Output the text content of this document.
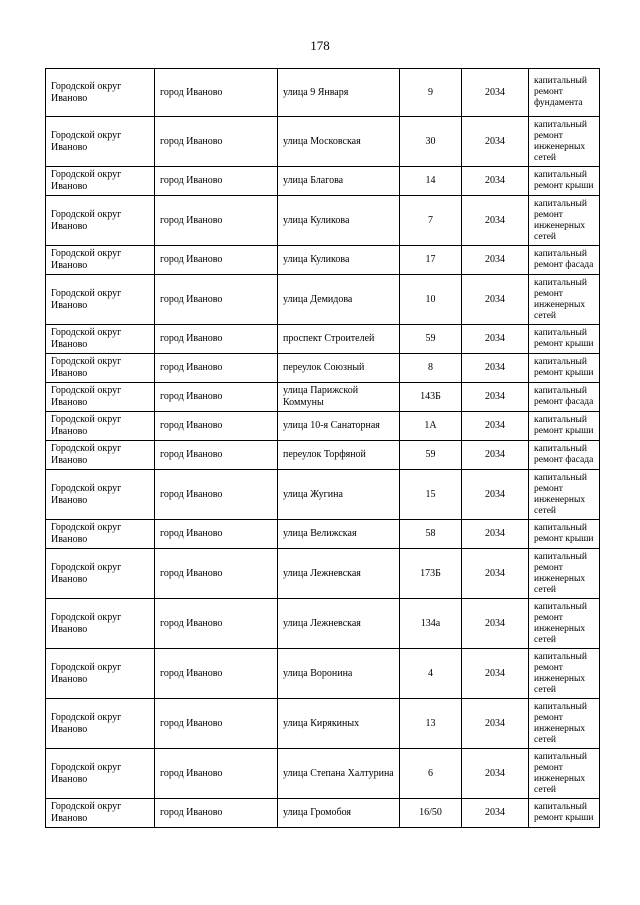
178
Городской округ Иваново	город Иваново	улица 9 Января	9	2034	капитальный ремонт фундамента
Городской округ Иваново	город Иваново	улица Московская	30	2034	капитальный ремонт инженерных сетей
Городской округ Иваново	город Иваново	улица Благова	14	2034	капитальный ремонт крыши
Городской округ Иваново	город Иваново	улица Куликова	7	2034	капитальный ремонт инженерных сетей
Городской округ Иваново	город Иваново	улица Куликова	17	2034	капитальный ремонт фасада
Городской округ Иваново	город Иваново	улица Демидова	10	2034	капитальный ремонт инженерных сетей
Городской округ Иваново	город Иваново	проспект Строителей	59	2034	капитальный ремонт крыши
Городской округ Иваново	город Иваново	переулок Союзный	8	2034	капитальный ремонт крыши
Городской округ Иваново	город Иваново	улица Парижской Коммуны	143Б	2034	капитальный ремонт фасада
Городской округ Иваново	город Иваново	улица 10-я Санаторная	1А	2034	капитальный ремонт крыши
Городской округ Иваново	город Иваново	переулок Торфяной	59	2034	капитальный ремонт фасада
Городской округ Иваново	город Иваново	улица Жугина	15	2034	капитальный ремонт инженерных сетей
Городской округ Иваново	город Иваново	улица Велижская	58	2034	капитальный ремонт крыши
Городской округ Иваново	город Иваново	улица Лежневская	173Б	2034	капитальный ремонт инженерных сетей
Городской округ Иваново	город Иваново	улица Лежневская	134а	2034	капитальный ремонт инженерных сетей
Городской округ Иваново	город Иваново	улица Воронина	4	2034	капитальный ремонт инженерных сетей
Городской округ Иваново	город Иваново	улица Кирякиных	13	2034	капитальный ремонт инженерных сетей
Городской округ Иваново	город Иваново	улица Степана Халтурина	6	2034	капитальный ремонт инженерных сетей
Городской округ Иваново	город Иваново	улица Громобоя	16/50	2034	капитальный ремонт крыши
